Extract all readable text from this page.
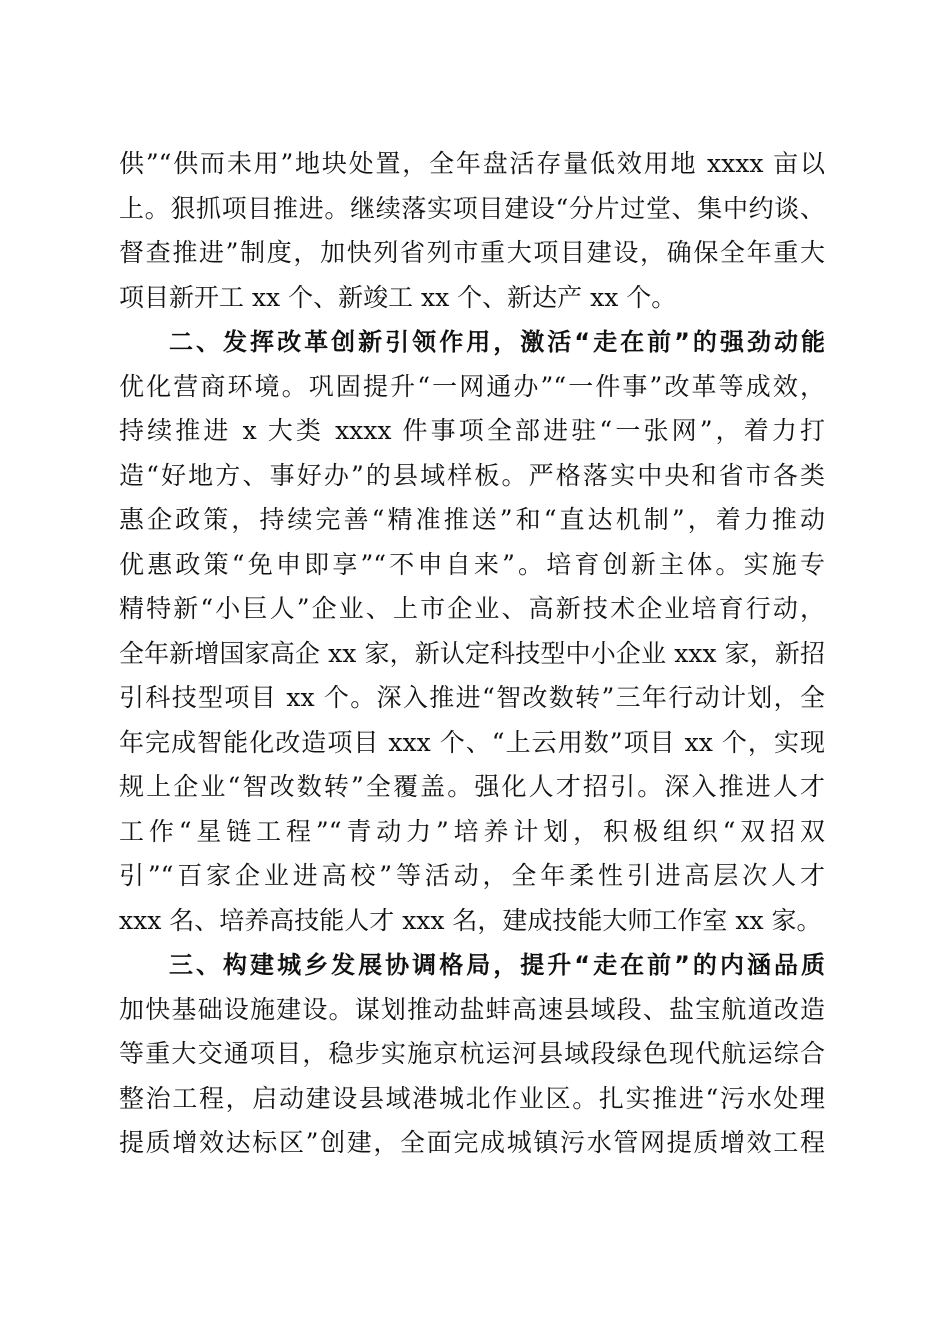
供”“供而未用”地块处置，全年盘活存量低效用地 xxxx 亩以
上。狠抓项目推进。继续落实项目建设“分片过堂、集中约谈、
督查推进”制度，加快列省列市重大项目建设，确保全年重大
项目新开工 xx 个、新竣工 xx 个、新达产 xx 个。
二、发挥改革创新引领作用，激活“走在前”的强劲动能
优化营商环境。巩固提升“一网通办”“一件事”改革等成效，
持续推进 x 大类 xxxx 件事项全部进驻“一张网”，着力打
造“好地方、事好办”的县域样板。严格落实中央和省市各类
惠企政策，持续完善“精准推送”和“直达机制”，着力推动
优惠政策“免申即享”“不申自来”。培育创新主体。实施专
精特新“小巨人”企业、上市企业、高新技术企业培育行动，
全年新增国家高企 xx 家，新认定科技型中小企业 xxx 家，新招
引科技型项目 xx 个。深入推进“智改数转”三年行动计划，全
年完成智能化改造项目 xxx 个、“上云用数”项目 xx 个，实现
规上企业“智改数转”全覆盖。强化人才招引。深入推进人才
工作“星链工程”“青动力”培养计划，积极组织“双招双
引”“百家企业进高校”等活动，全年柔性引进高层次人才
xxx 名、培养高技能人才 xxx 名，建成技能大师工作室 xx 家。
三、构建城乡发展协调格局，提升“走在前”的内涵品质
加快基础设施建设。谋划推动盐蚌高速县域段、盐宝航道改造
等重大交通项目，稳步实施京杭运河县域段绿色现代航运综合
整治工程，启动建设县域港城北作业区。扎实推进“污水处理
提质增效达标区”创建，全面完成城镇污水管网提质增效工程
